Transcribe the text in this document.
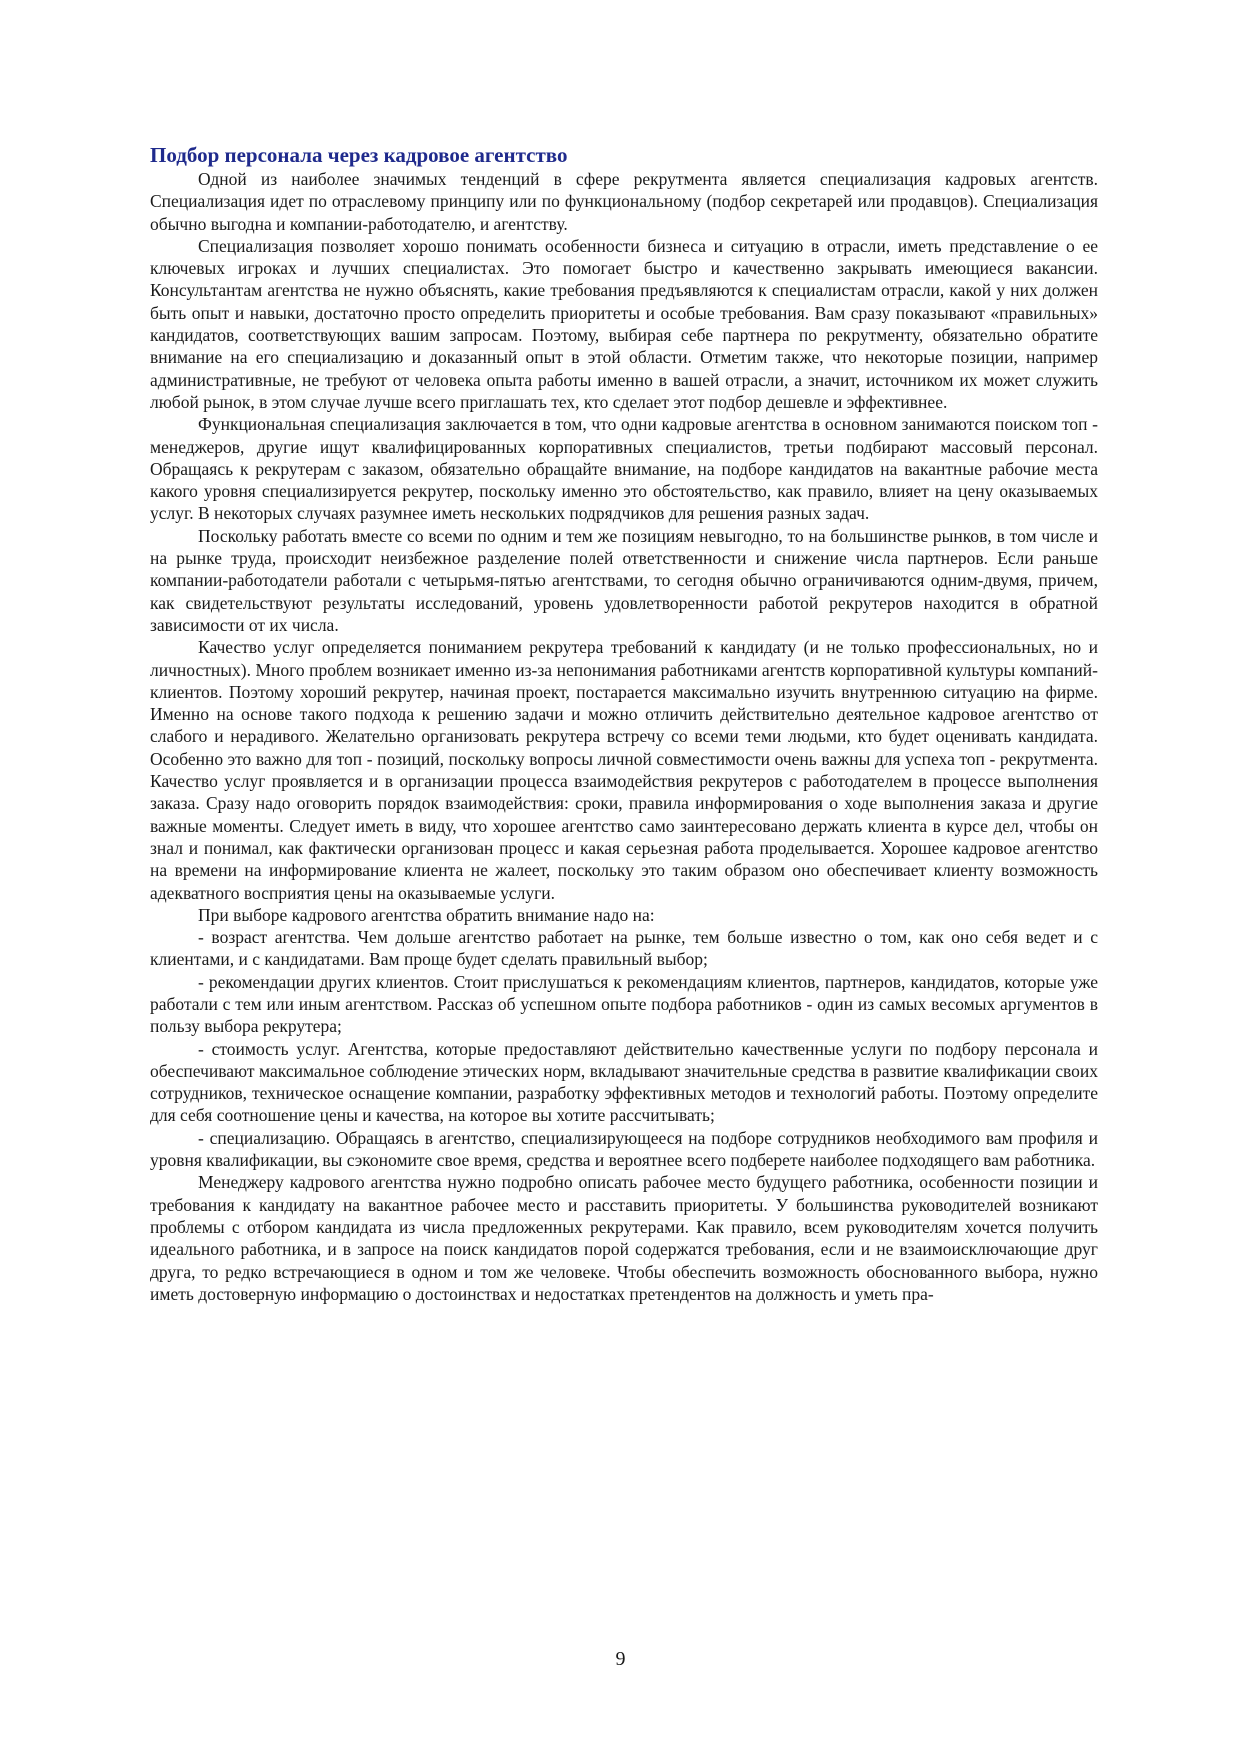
Подбор персонала через кадровое агентство

Одной из наиболее значимых тенденций в сфере рекрутмента является специализация кадровых агентств. Специализация идет по отраслевому принципу или по функциональному (подбор секретарей или продавцов). Специализация обычно выгодна и компании-работодателю, и агентству.

Специализация позволяет хорошо понимать особенности бизнеса и ситуацию в отрасли, иметь представление о ее ключевых игроках и лучших специалистах. Это помогает быстро и качественно закрывать имеющиеся вакансии. Консультантам агентства не нужно объяснять, какие требования предъявляются к специалистам отрасли, какой у них должен быть опыт и навыки, достаточно просто определить приоритеты и особые требования. Вам сразу показывают «правильных» кандидатов, соответствующих вашим запросам. Поэтому, выбирая себе партнера по рекрутменту, обязательно обратите внимание на его специализацию и доказанный опыт в этой области. Отметим также, что некоторые позиции, например административные, не требуют от человека опыта работы именно в вашей отрасли, а значит, источником их может служить любой рынок, в этом случае лучше всего приглашать тех, кто сделает этот подбор дешевле и эффективнее.

Функциональная специализация заключается в том, что одни кадровые агентства в основном занимаются поиском топ - менеджеров, другие ищут квалифицированных корпоративных специалистов, третьи подбирают массовый персонал. Обращаясь к рекрутерам с заказом, обязательно обращайте внимание, на подборе кандидатов на вакантные рабочие места какого уровня специализируется рекрутер, поскольку именно это обстоятельство, как правило, влияет на цену оказываемых услуг. В некоторых случаях разумнее иметь нескольких подрядчиков для решения разных задач.

Поскольку работать вместе со всеми по одним и тем же позициям невыгодно, то на большинстве рынков, в том числе и на рынке труда, происходит неизбежное разделение полей ответственности и снижение числа партнеров. Если раньше компании-работодатели работали с четырьмя-пятью агентствами, то сегодня обычно ограничиваются одним-двумя, причем, как свидетельствуют результаты исследований, уровень удовлетворенности работой рекрутеров находится в обратной зависимости от их числа.

Качество услуг определяется пониманием рекрутера требований к кандидату (и не только профессиональных, но и личностных). Много проблем возникает именно из-за непонимания работниками агентств корпоративной культуры компаний-клиентов. Поэтому хороший рекрутер, начиная проект, постарается максимально изучить внутреннюю ситуацию на фирме. Именно на основе такого подхода к решению задачи и можно отличить действительно деятельное кадровое агентство от слабого и нерадивого. Желательно организовать рекрутера встречу со всеми теми людьми, кто будет оценивать кандидата. Особенно это важно для топ - позиций, поскольку вопросы личной совместимости очень важны для успеха топ - рекрутмента. Качество услуг проявляется и в организации процесса взаимодействия рекрутеров с работодателем в процессе выполнения заказа. Сразу надо оговорить порядок взаимодействия: сроки, правила информирования о ходе выполнения заказа и другие важные моменты. Следует иметь в виду, что хорошее агентство само заинтересовано держать клиента в курсе дел, чтобы он знал и понимал, как фактически организован процесс и какая серьезная работа проделывается. Хорошее кадровое агентство на времени на информирование клиента не жалеет, поскольку это таким образом оно обеспечивает клиенту возможность адекватного восприятия цены на оказываемые услуги.

При выборе кадрового агентства обратить внимание надо на:

- возраст агентства. Чем дольше агентство работает на рынке, тем больше известно о том, как оно себя ведет и с клиентами, и с кандидатами. Вам проще будет сделать правильный выбор;

- рекомендации других клиентов. Стоит прислушаться к рекомендациям клиентов, партнеров, кандидатов, которые уже работали с тем или иным агентством. Рассказ об успешном опыте подбора работников - один из самых весомых аргументов в пользу выбора рекрутера;

- стоимость услуг. Агентства, которые предоставляют действительно качественные услуги по подбору персонала и обеспечивают максимальное соблюдение этических норм, вкладывают значительные средства в развитие квалификации своих сотрудников, техническое оснащение компании, разработку эффективных методов и технологий работы. Поэтому определите для себя соотношение цены и качества, на которое вы хотите рассчитывать;

- специализацию. Обращаясь в агентство, специализирующееся на подборе сотрудников необходимого вам профиля и уровня квалификации, вы сэкономите свое время, средства и вероятнее всего подберете наиболее подходящего вам работника.

Менеджеру кадрового агентства нужно подробно описать рабочее место будущего работника, особенности позиции и требования к кандидату на вакантное рабочее место и расставить приоритеты. У большинства руководителей возникают проблемы с отбором кандидата из числа предложенных рекрутерами. Как правило, всем руководителям хочется получить идеального работника, и в запросе на поиск кандидатов порой содержатся требования, если и не взаимоисключающие друг друга, то редко встречающиеся в одном и том же человеке. Чтобы обеспечить возможность обоснованного выбора, нужно иметь достоверную информацию о достоинствах и недостатках претендентов на должность и уметь пра-

9
